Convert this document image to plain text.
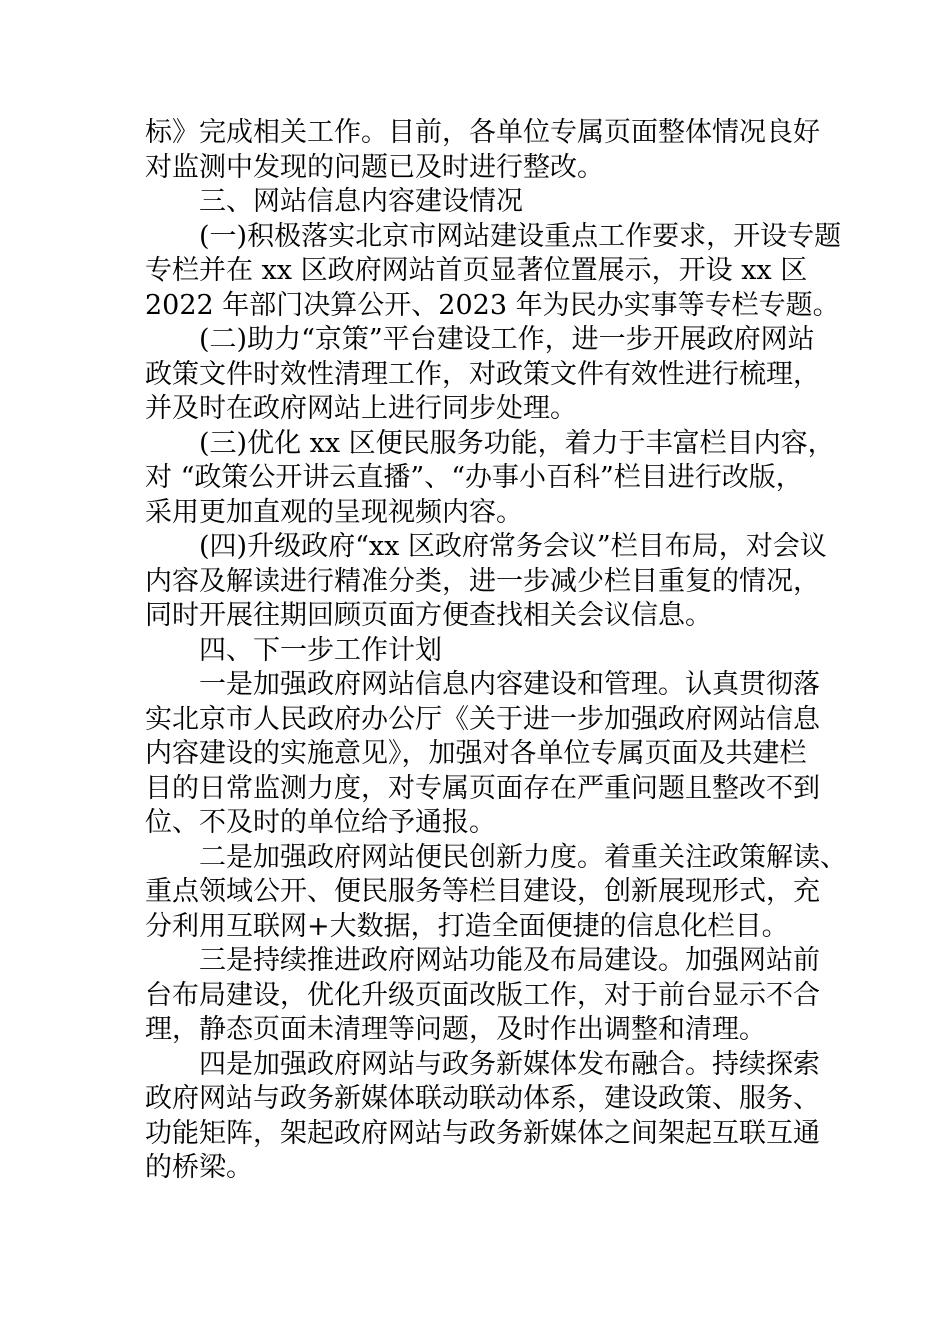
标》完成相关工作。目前，各单位专属页面整体情况良好
对监测中发现的问题已及时进行整改。
三、网站信息内容建设情况
(一)积极落实北京市网站建设重点工作要求，开设专题
专栏并在 xx 区政府网站首页显著位置展示，开设 xx 区
2022 年部门决算公开、2023 年为民办实事等专栏专题。
(二)助力“京策”平台建设工作，进一步开展政府网站
政策文件时效性清理工作，对政策文件有效性进行梳理，
并及时在政府网站上进行同步处理。
(三)优化 xx 区便民服务功能，着力于丰富栏目内容，
对 “政策公开讲云直播”、“办事小百科”栏目进行改版，
采用更加直观的呈现视频内容。
(四)升级政府“xx 区政府常务会议”栏目布局，对会议
内容及解读进行精准分类，进一步减少栏目重复的情况，
同时开展往期回顾页面方便查找相关会议信息。
四、下一步工作计划
一是加强政府网站信息内容建设和管理。认真贯彻落
实北京市人民政府办公厅《关于进一步加强政府网站信息
内容建设的实施意见》，加强对各单位专属页面及共建栏
目的日常监测力度，对专属页面存在严重问题且整改不到
位、不及时的单位给予通报。
二是加强政府网站便民创新力度。着重关注政策解读、
重点领域公开、便民服务等栏目建设，创新展现形式，充
分利用互联网+大数据，打造全面便捷的信息化栏目。
三是持续推进政府网站功能及布局建设。加强网站前
台布局建设，优化升级页面改版工作，对于前台显示不合
理，静态页面未清理等问题，及时作出调整和清理。
四是加强政府网站与政务新媒体发布融合。持续探索
政府网站与政务新媒体联动联动体系，建设政策、服务、
功能矩阵，架起政府网站与政务新媒体之间架起互联互通
的桥梁。
